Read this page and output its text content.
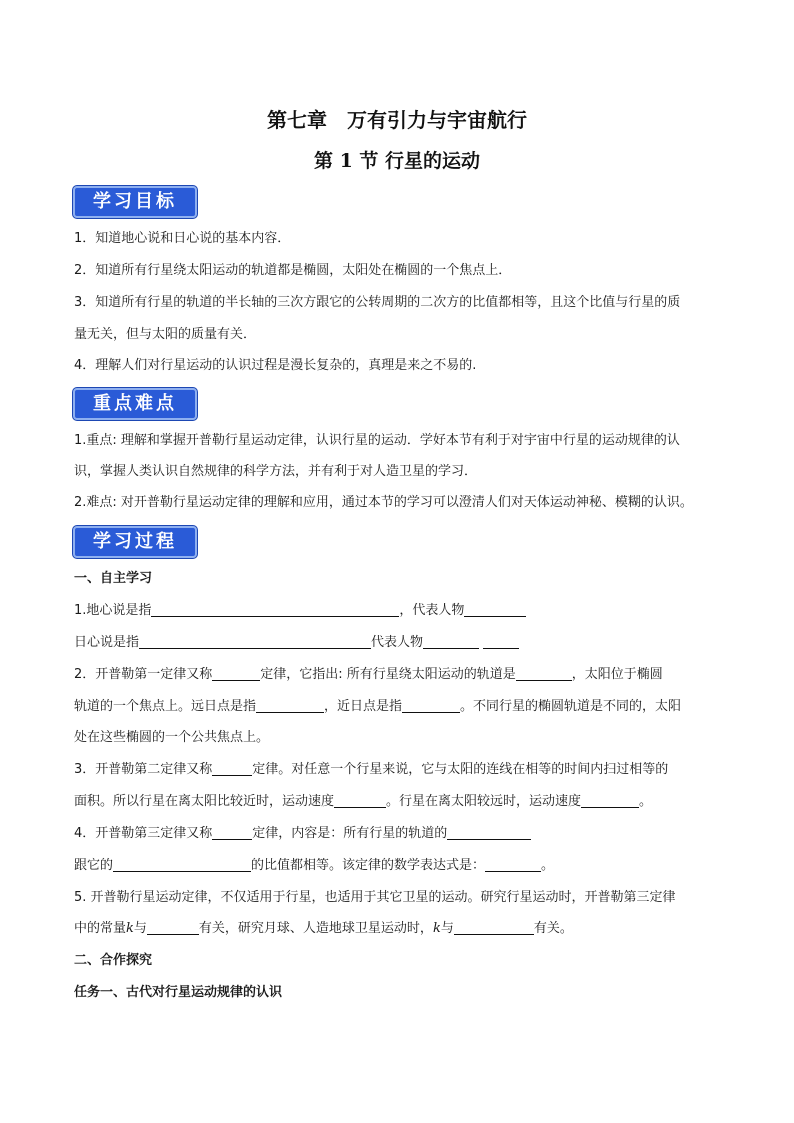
第七章　万有引力与宇宙航行
第 1 节 行星的运动
学习目标
1．知道地心说和日心说的基本内容．
2．知道所有行星绕太阳运动的轨道都是椭圆，太阳处在椭圆的一个焦点上．
3．知道所有行星的轨道的半长轴的三次方跟它的公转周期的二次方的比值都相等，且这个比值与行星的质
量无关，但与太阳的质量有关．
4．理解人们对行星运动的认识过程是漫长复杂的，真理是来之不易的.
重点难点
1.重点: 理解和掌握开普勒行星运动定律，认识行星的运动．学好本节有利于对宇宙中行星的运动规律的认
识，掌握人类认识自然规律的科学方法，并有利于对人造卫星的学习．
2.难点: 对开普勒行星运动定律的理解和应用，通过本节的学习可以澄清人们对天体运动神秘、模糊的认识。
学习过程
一、自主学习
1.地心说是指	，代表人物
日心说是指	代表人物
2．开普勒第一定律又称	定律，它指出: 所有行星绕太阳运动的轨道是	，太阳位于椭圆
轨道的一个焦点上。远日点是指	，近日点是指	。不同行星的椭圆轨道是不同的，太阳
处在这些椭圆的一个公共焦点上。
3．开普勒第二定律又称	定律。对任意一个行星来说，它与太阳的连线在相等的时间内扫过相等的
面积。所以行星在离太阳比较近时，运动速度	。行星在离太阳较远时，运动速度	。
4．开普勒第三定律又称	定律，内容是：所有行星的轨道的
跟它的	的比值都相等。该定律的数学表达式是：	。
5. 开普勒行星运动定律，不仅适用于行星，也适用于其它卫星的运动。研究行星运动时，开普勒第三定律
中的常量k与	有关，研究月球、人造地球卫星运动时，k与	有关。
二、合作探究
任务一、古代对行星运动规律的认识
